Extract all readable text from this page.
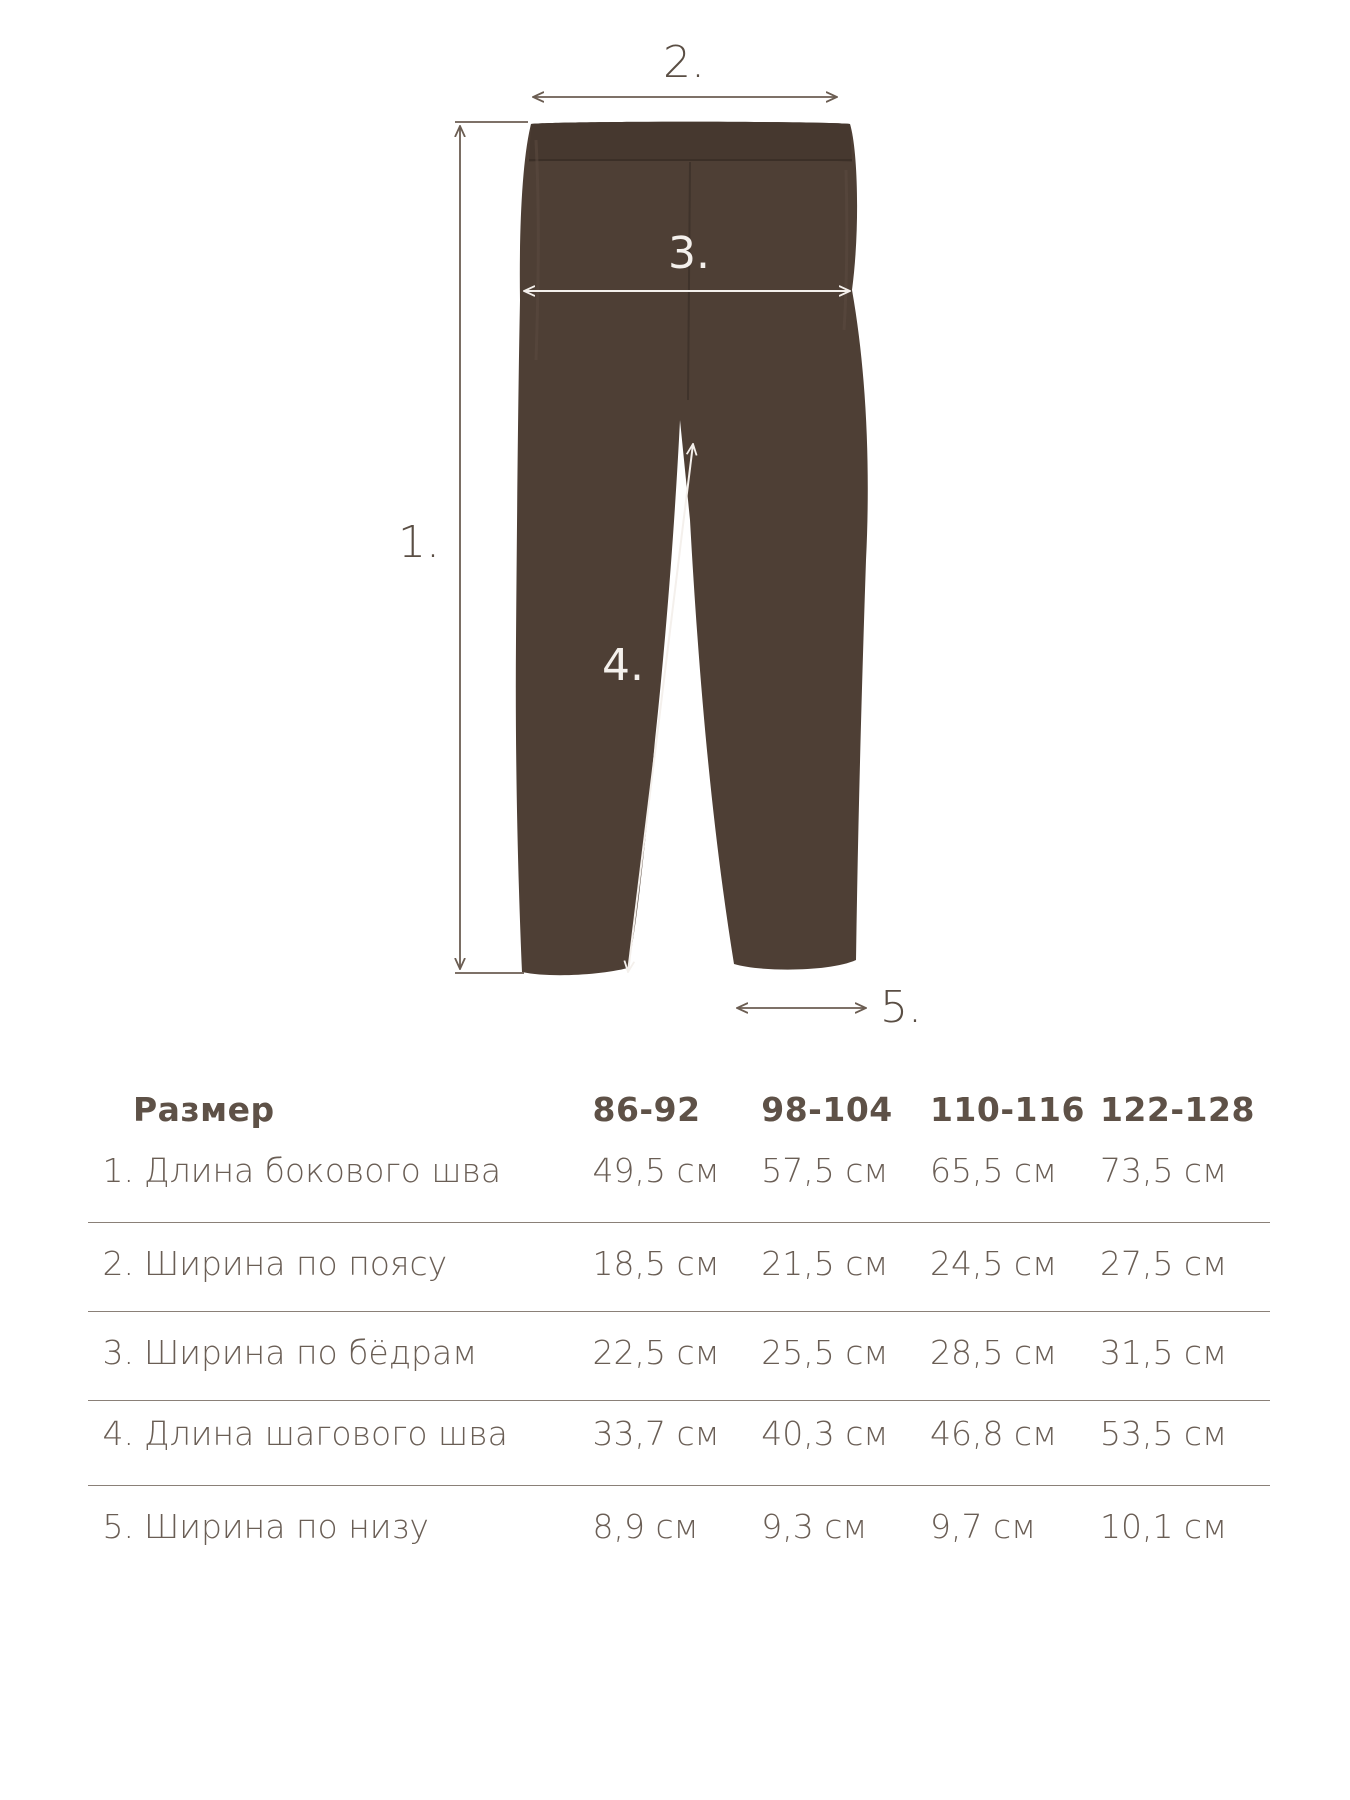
1.
2.
3.
4.
5.
Размер	86-92	98-104	110-116	122-128

1. Длина бокового шва	49,5 см	57,5 см	65,5 см	73,5 см

2. Ширина по поясу	18,5 см	21,5 см	24,5 см	27,5 см

3. Ширина по бёдрам	22,5 см	25,5 см	28,5 см	31,5 см

4. Длина шагового шва	33,7 см	40,3 см	46,8 см	53,5 см

5. Ширина по низу	8,9 см	9,3 см	9,7 см	10,1 см
